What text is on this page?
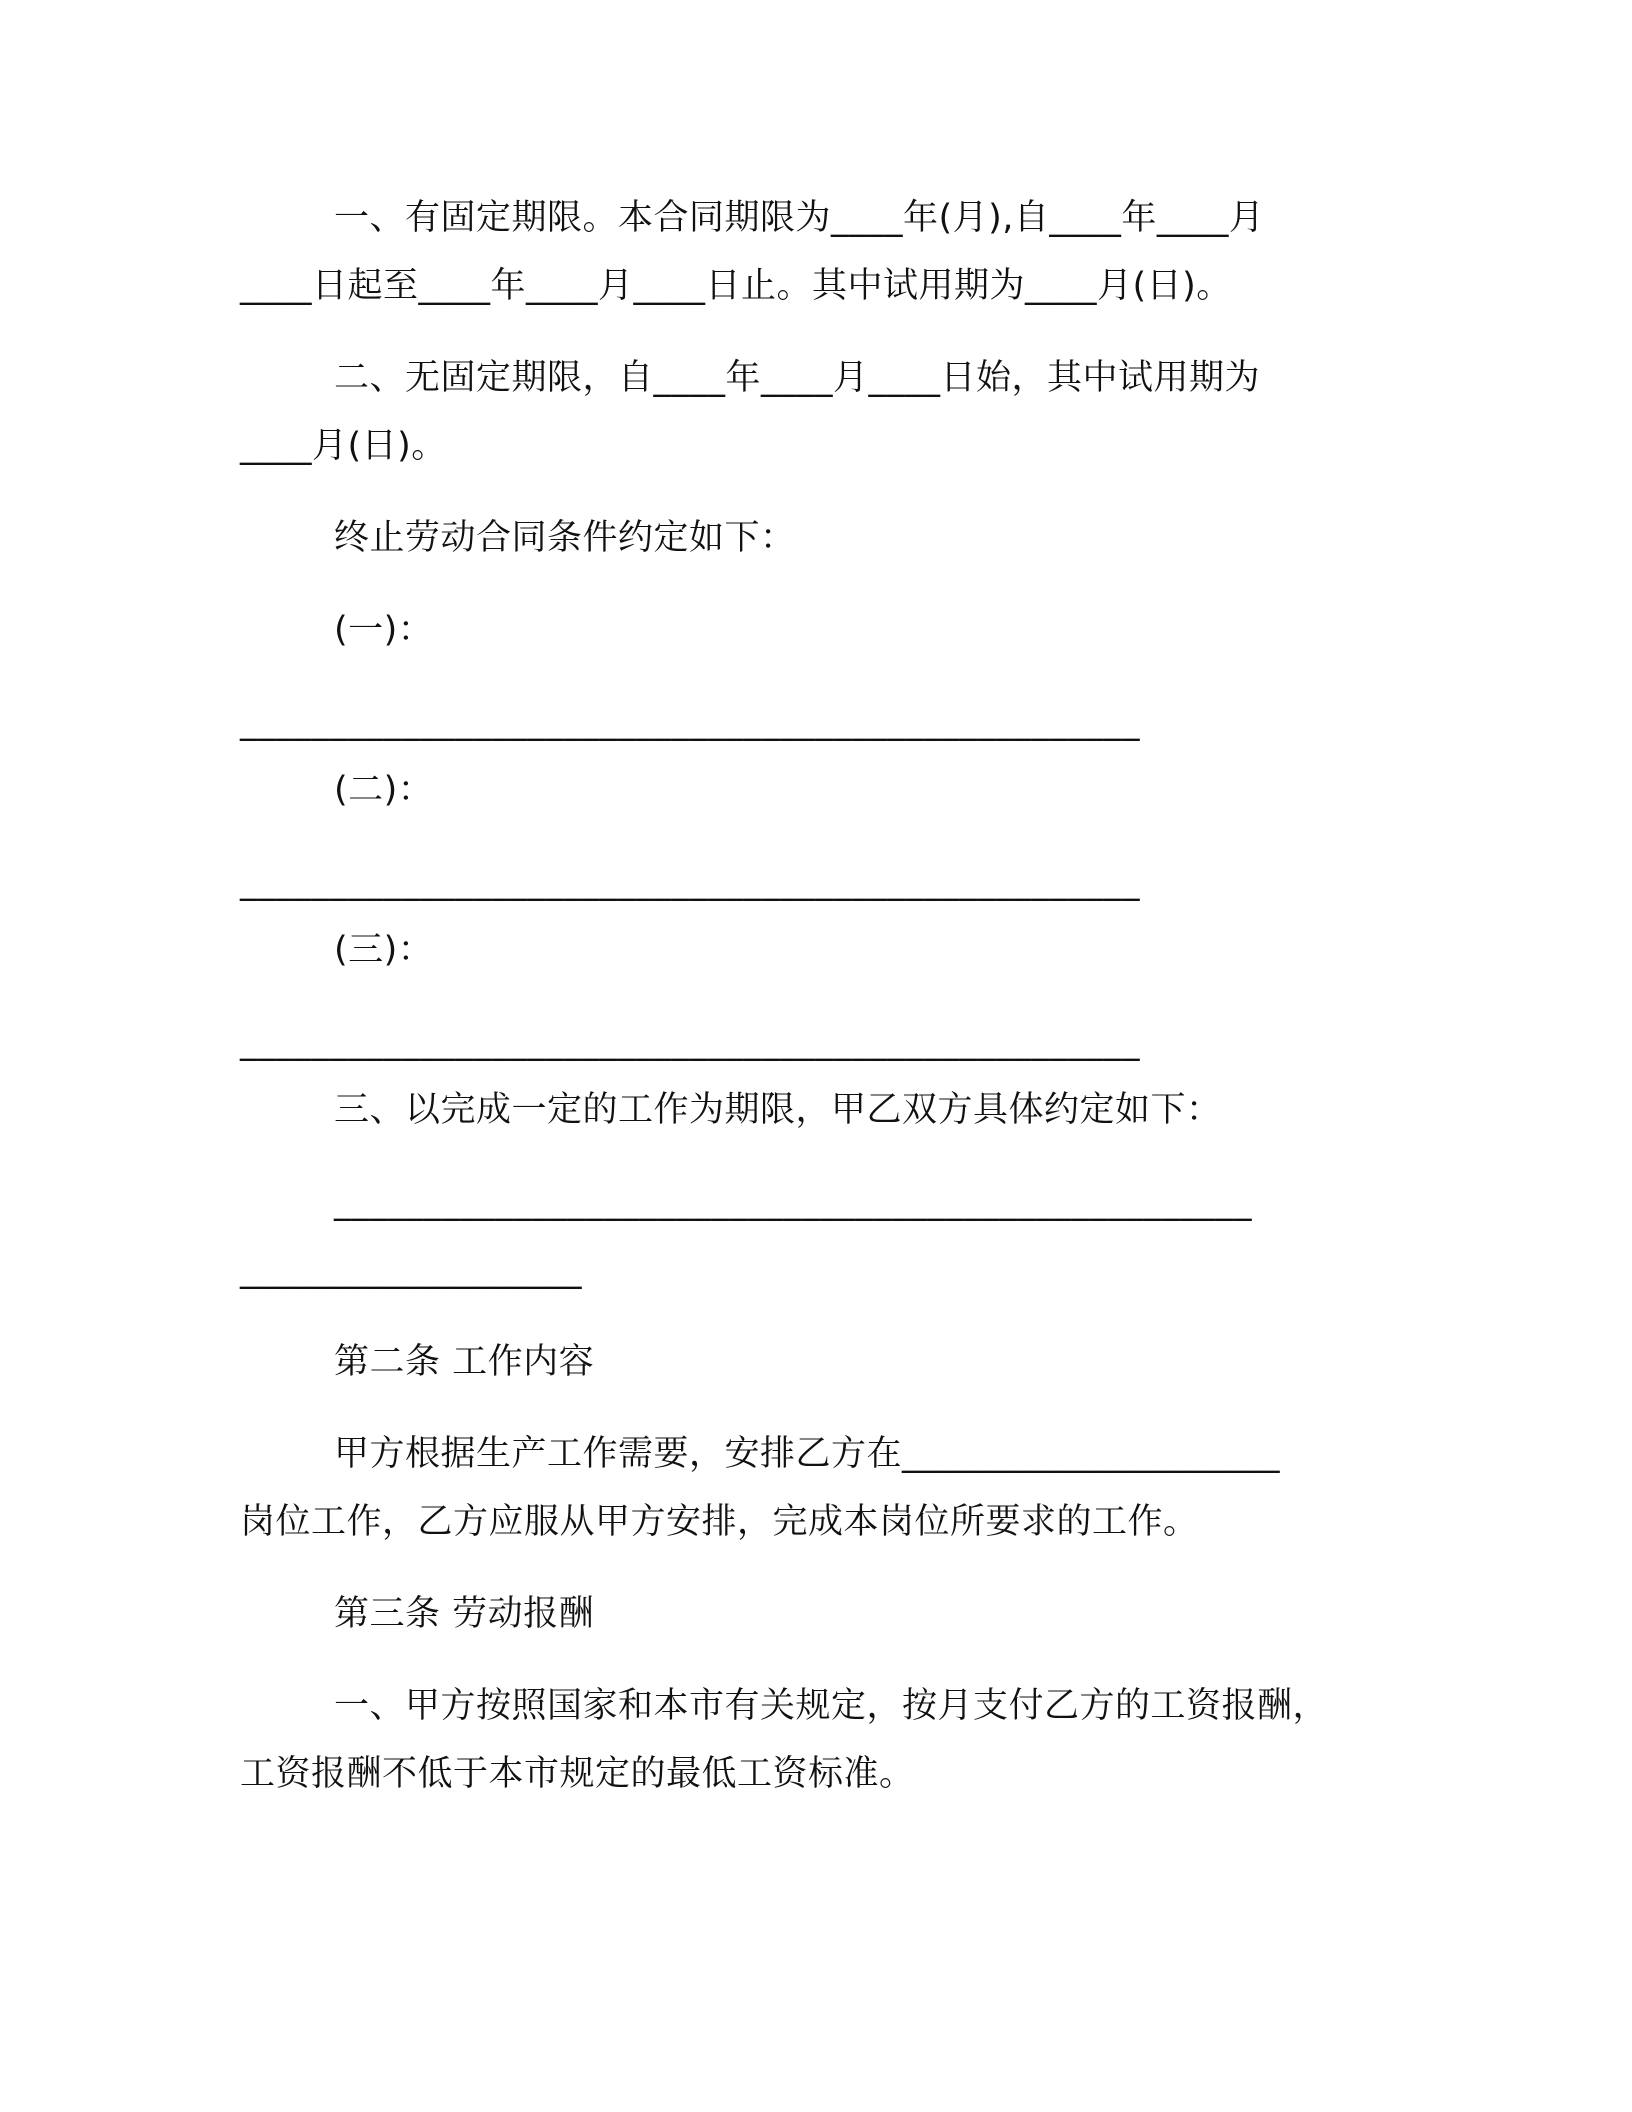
一、有固定期限。本合同期限为____年(月),自____年____月

____日起至____年____月____日止。其中试用期为____月(日)。

二、无固定期限，自____年____月____日始，其中试用期为

____月(日)。

终止劳动合同条件约定如下：

(一)：

__________________________________________________

(二)：

__________________________________________________

(三)：

__________________________________________________

三、以完成一定的工作为期限，甲乙双方具体约定如下：

___________________________________________________

___________________

第二条 工作内容

甲方根据生产工作需要，安排乙方在_____________________

岗位工作，乙方应服从甲方安排，完成本岗位所要求的工作。

第三条 劳动报酬

一、甲方按照国家和本市有关规定，按月支付乙方的工资报酬，

工资报酬不低于本市规定的最低工资标准。
